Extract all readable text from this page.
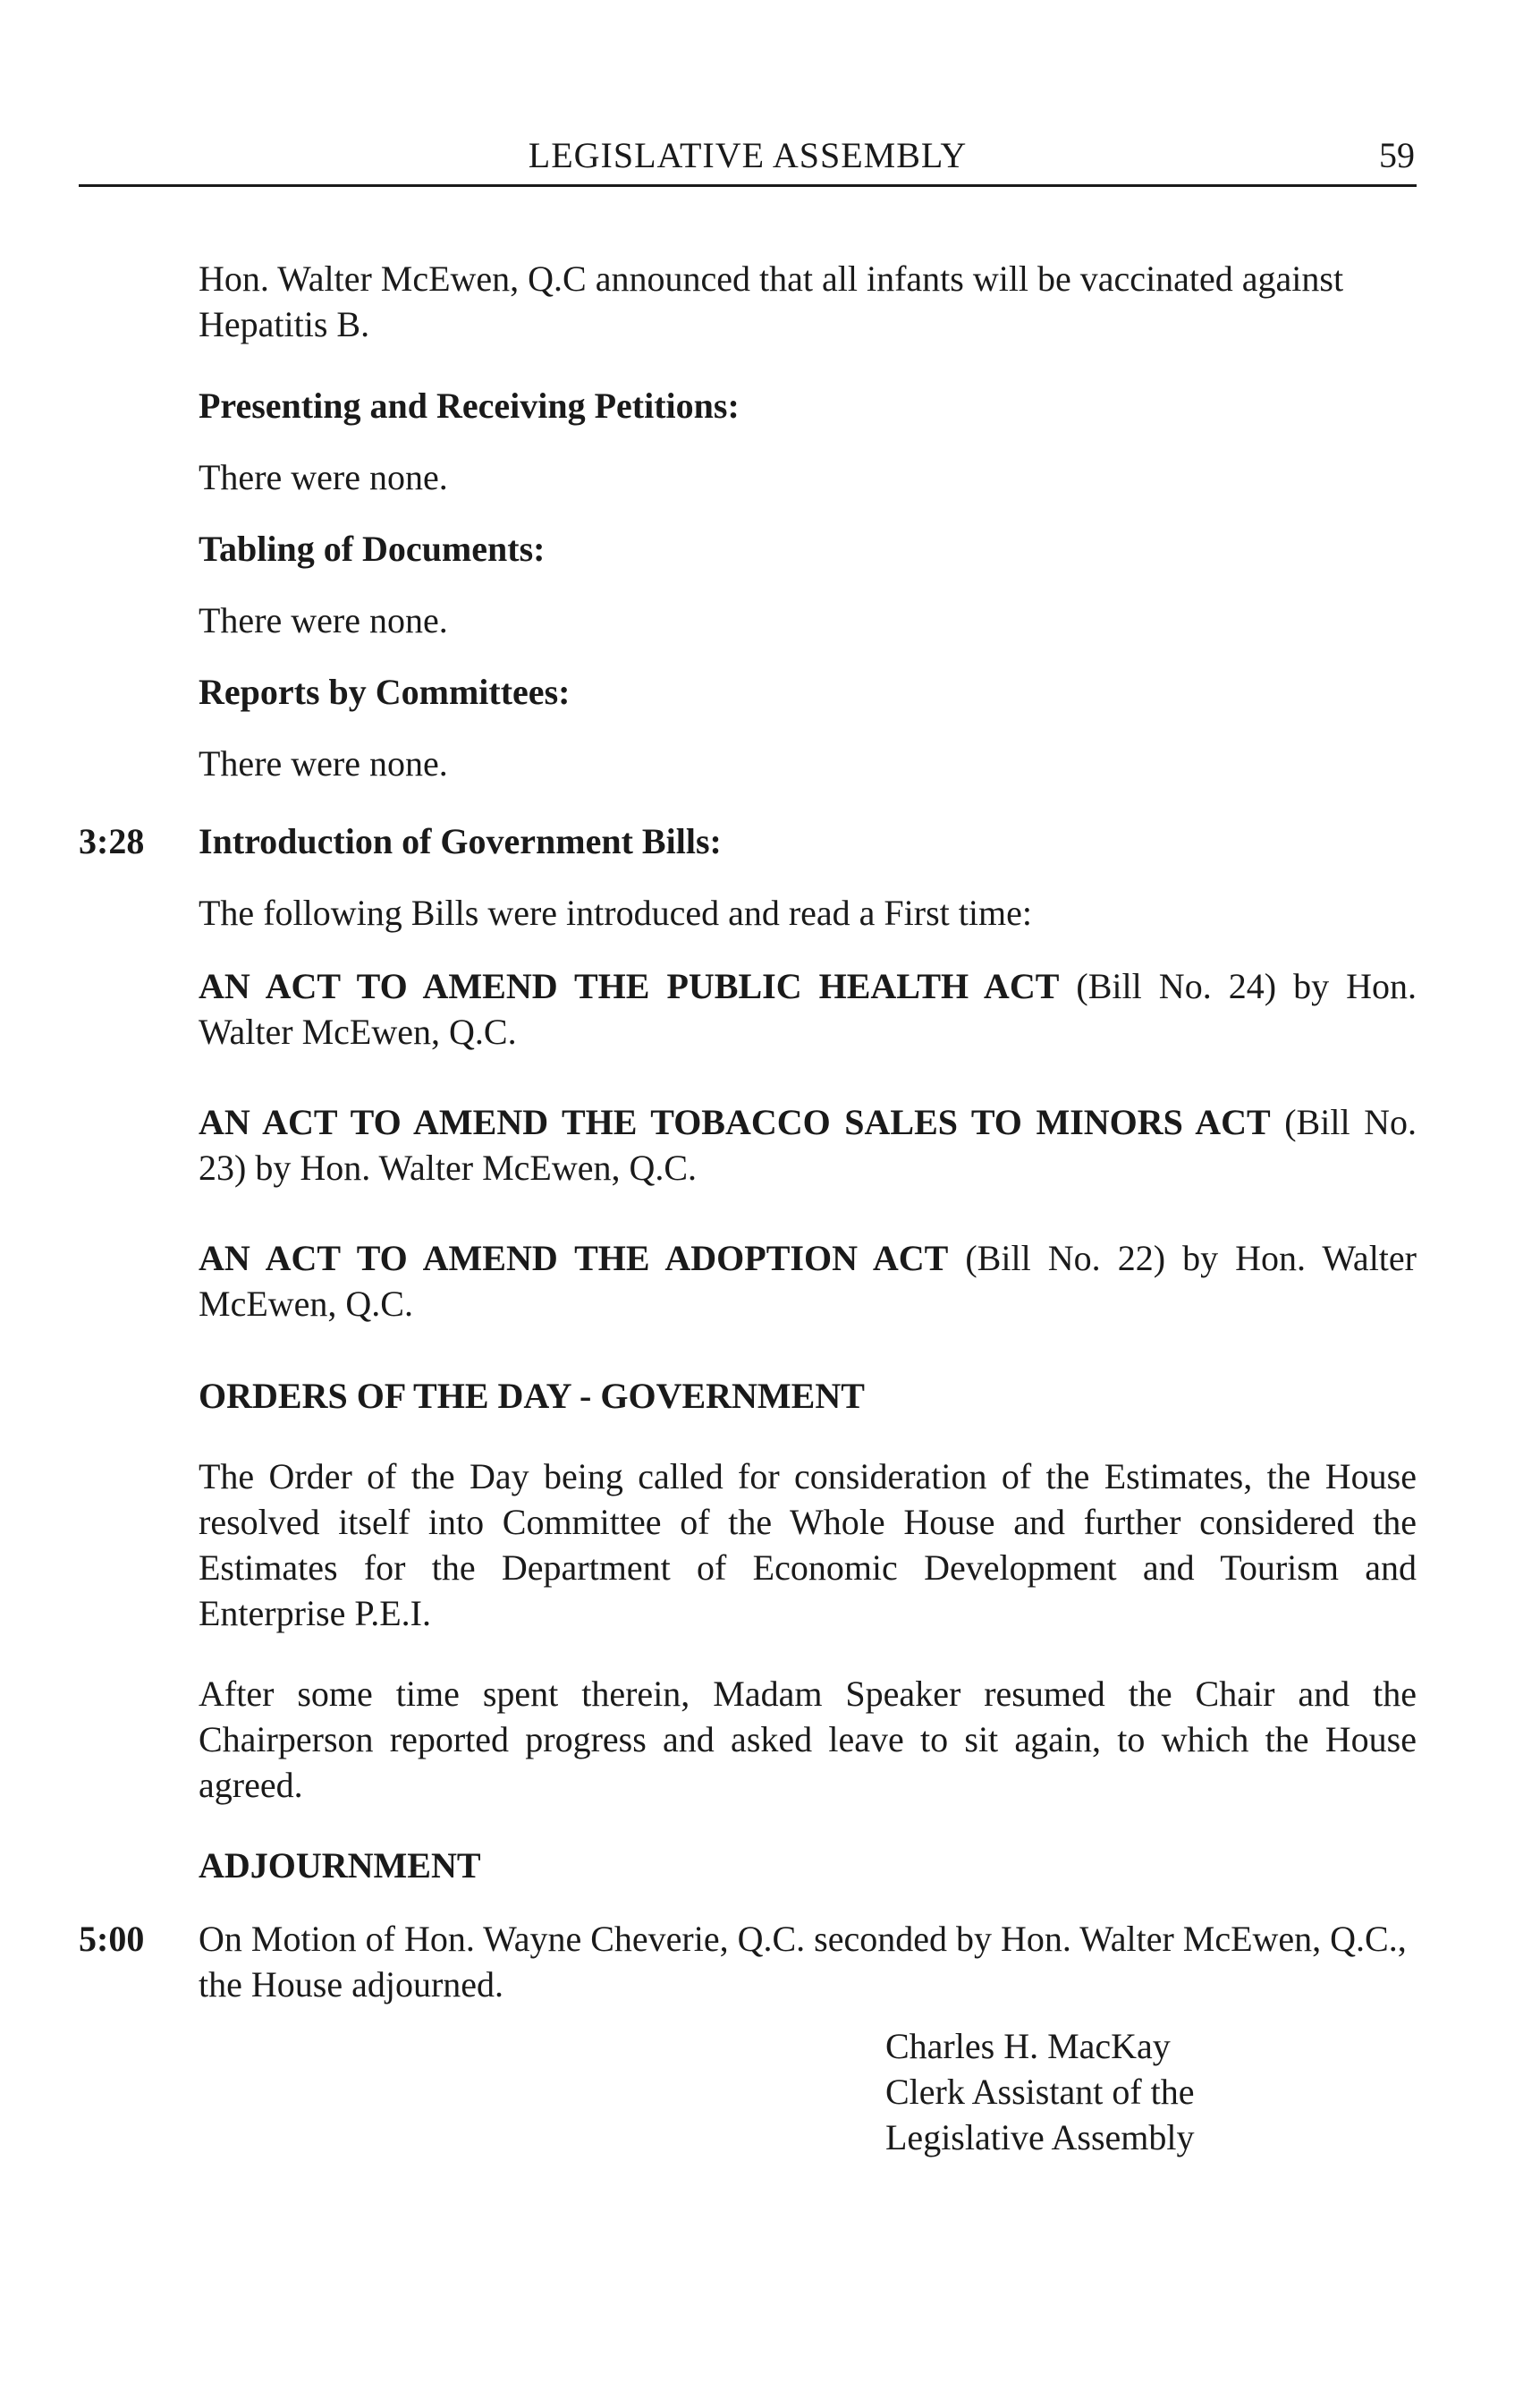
LEGISLATIVE ASSEMBLY	59
3:28
5:00
Hon. Walter McEwen, Q.C announced that all infants will be vaccinated against Hepatitis B.
Presenting and Receiving Petitions:
There were none.
Tabling of Documents:
There were none.
Reports by Committees:
There were none.
Introduction of Government Bills:
The following Bills were introduced and read a First time:
AN ACT TO AMEND THE PUBLIC HEALTH ACT (Bill No. 24) by Hon. Walter McEwen, Q.C.
AN ACT TO AMEND THE TOBACCO SALES TO MINORS ACT (Bill No. 23) by Hon. Walter McEwen, Q.C.
AN ACT TO AMEND THE ADOPTION ACT (Bill No. 22) by Hon. Walter McEwen, Q.C.
ORDERS OF THE DAY - GOVERNMENT
The Order of the Day being called for consideration of the Estimates, the House resolved itself into Committee of the Whole House and further considered the Estimates for the Department of Economic Development and Tourism and Enterprise P.E.I.
After some time spent therein, Madam Speaker resumed the Chair and the Chairperson reported progress and asked leave to sit again, to which the House agreed.
ADJOURNMENT
On Motion of Hon. Wayne Cheverie, Q.C. seconded by Hon. Walter McEwen, Q.C., the House adjourned.
Charles H. MacKay
Clerk Assistant of the
Legislative Assembly
